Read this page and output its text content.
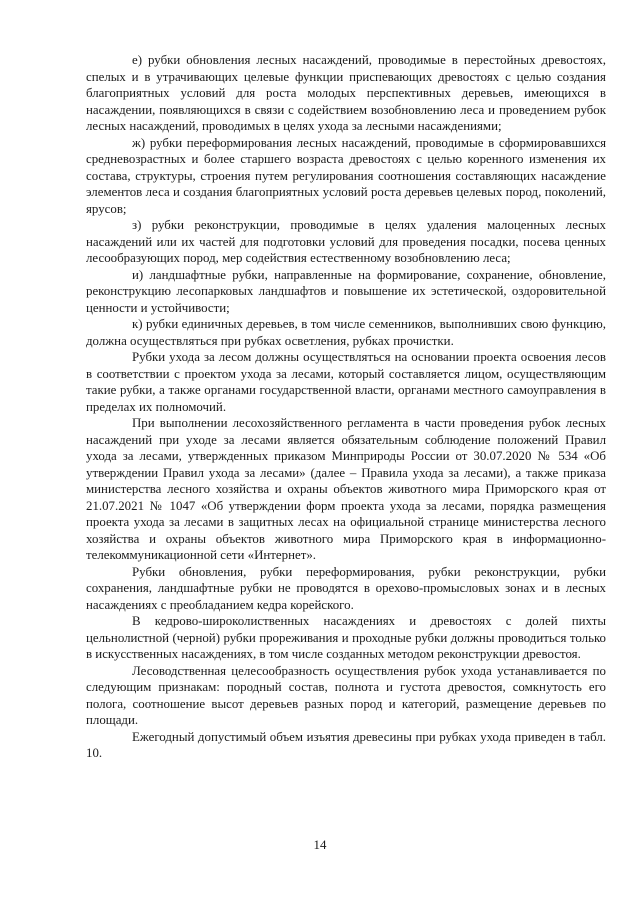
е) рубки обновления лесных насаждений, проводимые в перестойных древостоях, спелых и в утрачивающих целевые функции приспевающих древостоях с целью создания благоприятных условий для роста молодых перспективных деревьев, имеющихся в насаждении, появляющихся в связи с содействием возобновлению леса и проведением рубок лесных насаждений, проводимых в целях ухода за лесными насаждениями;

ж) рубки переформирования лесных насаждений, проводимые в сформировавшихся средневозрастных и более старшего возраста древостоях с целью коренного изменения их состава, структуры, строения путем регулирования соотношения составляющих насаждение элементов леса и создания благоприятных условий роста деревьев целевых пород, поколений, ярусов;

з) рубки реконструкции, проводимые в целях удаления малоценных лесных насаждений или их частей для подготовки условий для проведения посадки, посева ценных лесообразующих пород, мер содействия естественному возобновлению леса;

и) ландшафтные рубки, направленные на формирование, сохранение, обновление, реконструкцию лесопарковых ландшафтов и повышение их эстетической, оздоровительной ценности и устойчивости;

к) рубки единичных деревьев, в том числе семенников, выполнивших свою функцию, должна осуществляться при рубках осветления, рубках прочистки.

Рубки ухода за лесом должны осуществляться на основании проекта освоения лесов в соответствии с проектом ухода за лесами, который составляется лицом, осуществляющим такие рубки, а также органами государственной власти, органами местного самоуправления в пределах их полномочий.

При выполнении лесохозяйственного регламента в части проведения рубок лесных насаждений при уходе за лесами является обязательным соблюдение положений Правил ухода за лесами, утвержденных приказом Минприроды России от 30.07.2020 № 534 «Об утверждении Правил ухода за лесами» (далее – Правила ухода за лесами), а также приказа министерства лесного хозяйства и охраны объектов животного мира Приморского края от 21.07.2021 № 1047 «Об утверждении форм проекта ухода за лесами, порядка размещения проекта ухода за лесами в защитных лесах на официальной странице министерства лесного хозяйства и охраны объектов животного мира Приморского края в информационно-телекоммуникационной сети «Интернет».

Рубки обновления, рубки переформирования, рубки реконструкции, рубки сохранения, ландшафтные рубки не проводятся в орехово-промысловых зонах и в лесных насаждениях с преобладанием кедра корейского.

В кедрово-широколиственных насаждениях и древостоях с долей пихты цельнолистной (черной) рубки прореживания и проходные рубки должны проводиться только в искусственных насаждениях, в том числе созданных методом реконструкции древостоя.

Лесоводственная целесообразность осуществления рубок ухода устанавливается по следующим признакам: породный состав, полнота и густота древостоя, сомкнутость его полога, соотношение высот деревьев разных пород и категорий, размещение деревьев по площади.

Ежегодный допустимый объем изъятия древесины при рубках ухода приведен в табл. 10.

14
